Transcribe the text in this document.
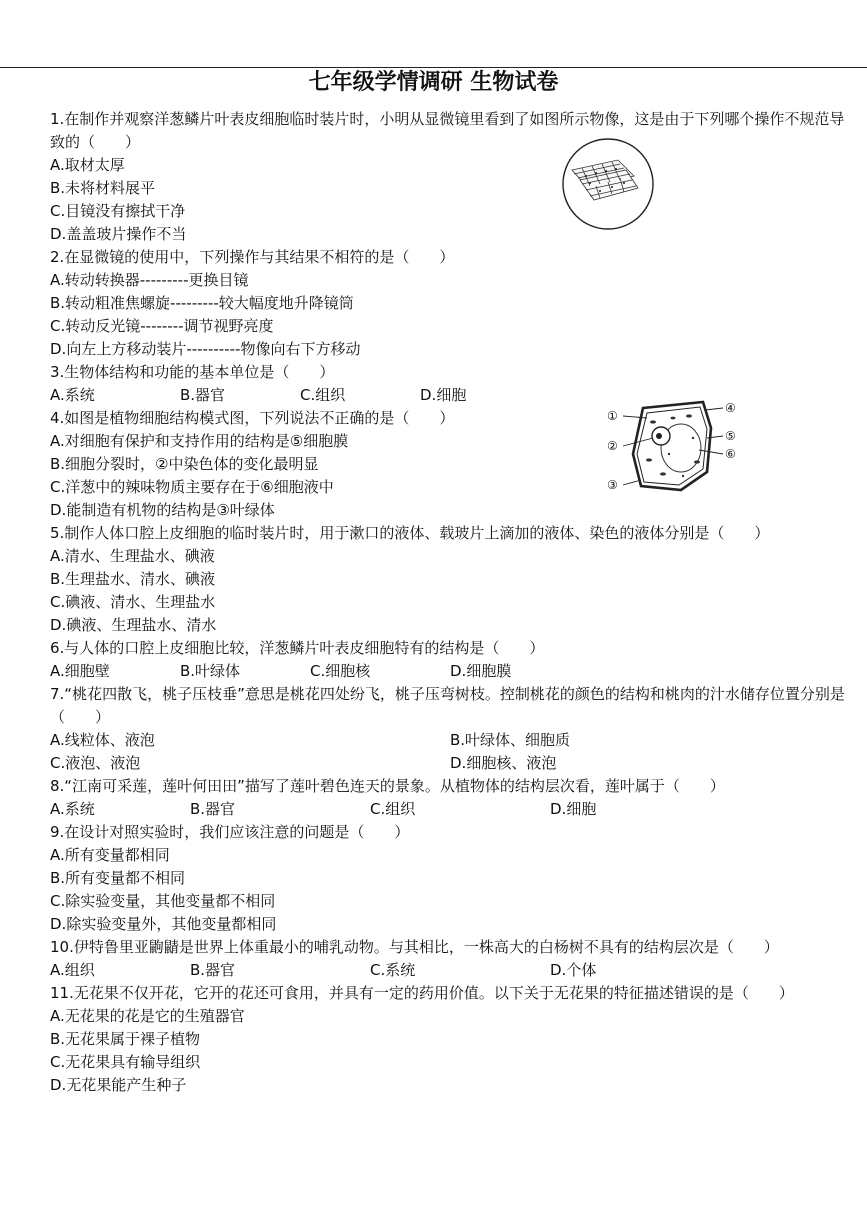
七年级学情调研 生物试卷
①
②
③
④
⑤
⑥
1.在制作并观察洋葱鳞片叶表皮细胞临时装片时，小明从显微镜里看到了如图所示物像，这是由于下列哪个操作不规范导致的（　　）
A.取材太厚
B.未将材料展平
C.目镜没有擦拭干净
D.盖盖玻片操作不当
2.在显微镜的使用中，下列操作与其结果不相符的是（　　）
A.转动转换器---------更换目镜
B.转动粗准焦螺旋---------较大幅度地升降镜筒
C.转动反光镜--------调节视野亮度
D.向左上方移动装片----------物像向右下方移动
3.生物体结构和功能的基本单位是（　　）
A.系统	B.器官	C.组织	D.细胞
4.如图是植物细胞结构模式图，下列说法不正确的是（　　）
A.对细胞有保护和支持作用的结构是⑤细胞膜
B.细胞分裂时，②中染色体的变化最明显
C.洋葱中的辣味物质主要存在于⑥细胞液中
D.能制造有机物的结构是③叶绿体
5.制作人体口腔上皮细胞的临时装片时，用于漱口的液体、载玻片上滴加的液体、染色的液体分别是（　　）
A.清水、生理盐水、碘液
B.生理盐水、清水、碘液
C.碘液、清水、生理盐水
D.碘液、生理盐水、清水
6.与人体的口腔上皮细胞比较，洋葱鳞片叶表皮细胞特有的结构是（　　）
A.细胞壁	B.叶绿体	C.细胞核	D.细胞膜
7.“桃花四散飞，桃子压枝垂”意思是桃花四处纷飞，桃子压弯树枝。控制桃花的颜色的结构和桃肉的汁水储存位置分别是（　　）
A.线粒体、液泡	B.叶绿体、细胞质
C.液泡、液泡	D.细胞核、液泡
8.“江南可采莲，莲叶何田田”描写了莲叶碧色连天的景象。从植物体的结构层次看，莲叶属于（　　）
A.系统	B.器官	C.组织	D.细胞
9.在设计对照实验时，我们应该注意的问题是（　　）
A.所有变量都相同
B.所有变量都不相同
C.除实验变量，其他变量都不相同
D.除实验变量外，其他变量都相同
10.伊特鲁里亚鼩鼱是世界上体重最小的哺乳动物。与其相比，一株高大的白杨树不具有的结构层次是（　　）
A.组织	B.器官	C.系统	D.个体
11.无花果不仅开花，它开的花还可食用，并具有一定的药用价值。以下关于无花果的特征描述错误的是（　　）
A.无花果的花是它的生殖器官
B.无花果属于裸子植物
C.无花果具有输导组织
D.无花果能产生种子
